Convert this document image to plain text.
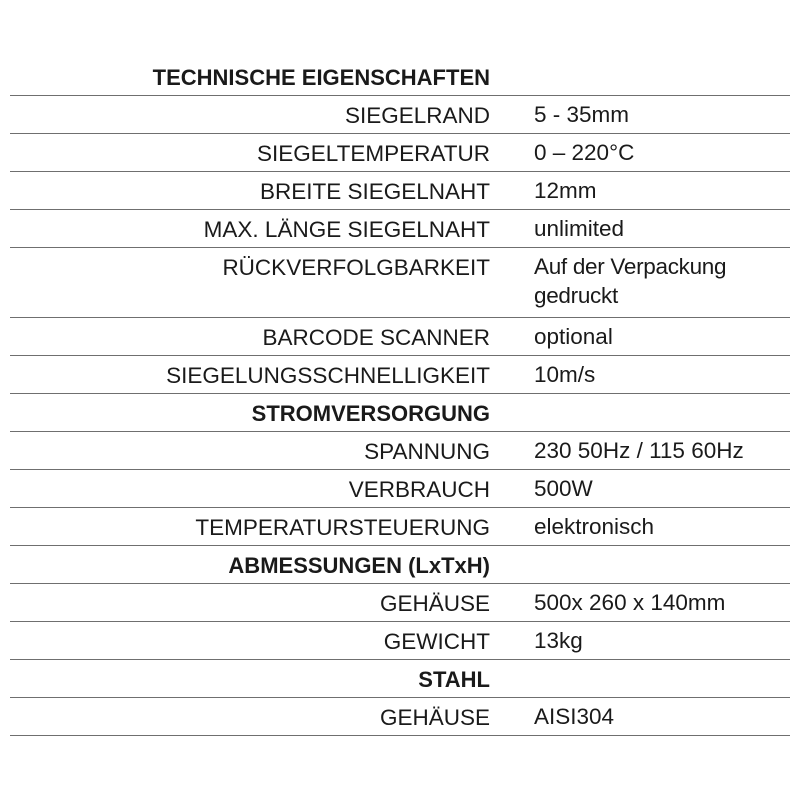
TECHNISCHE EIGENSCHAFTEN
SIEGELRAND	5 - 35mm
SIEGELTEMPERATUR	0 – 220°C
BREITE SIEGELNAHT	12mm
MAX. LÄNGE SIEGELNAHT	unlimited
RÜCKVERFOLGBARKEIT	Auf der Verpackung gedruckt
BARCODE SCANNER	optional
SIEGELUNGSSCHNELLIGKEIT	10m/s
STROMVERSORGUNG
SPANNUNG	230 50Hz / 115 60Hz
VERBRAUCH	500W
TEMPERATURSTEUERUNG	elektronisch
ABMESSUNGEN (LxTxH)
GEHÄUSE	500x 260 x 140mm
GEWICHT	13kg
STAHL
GEHÄUSE	AISI304
